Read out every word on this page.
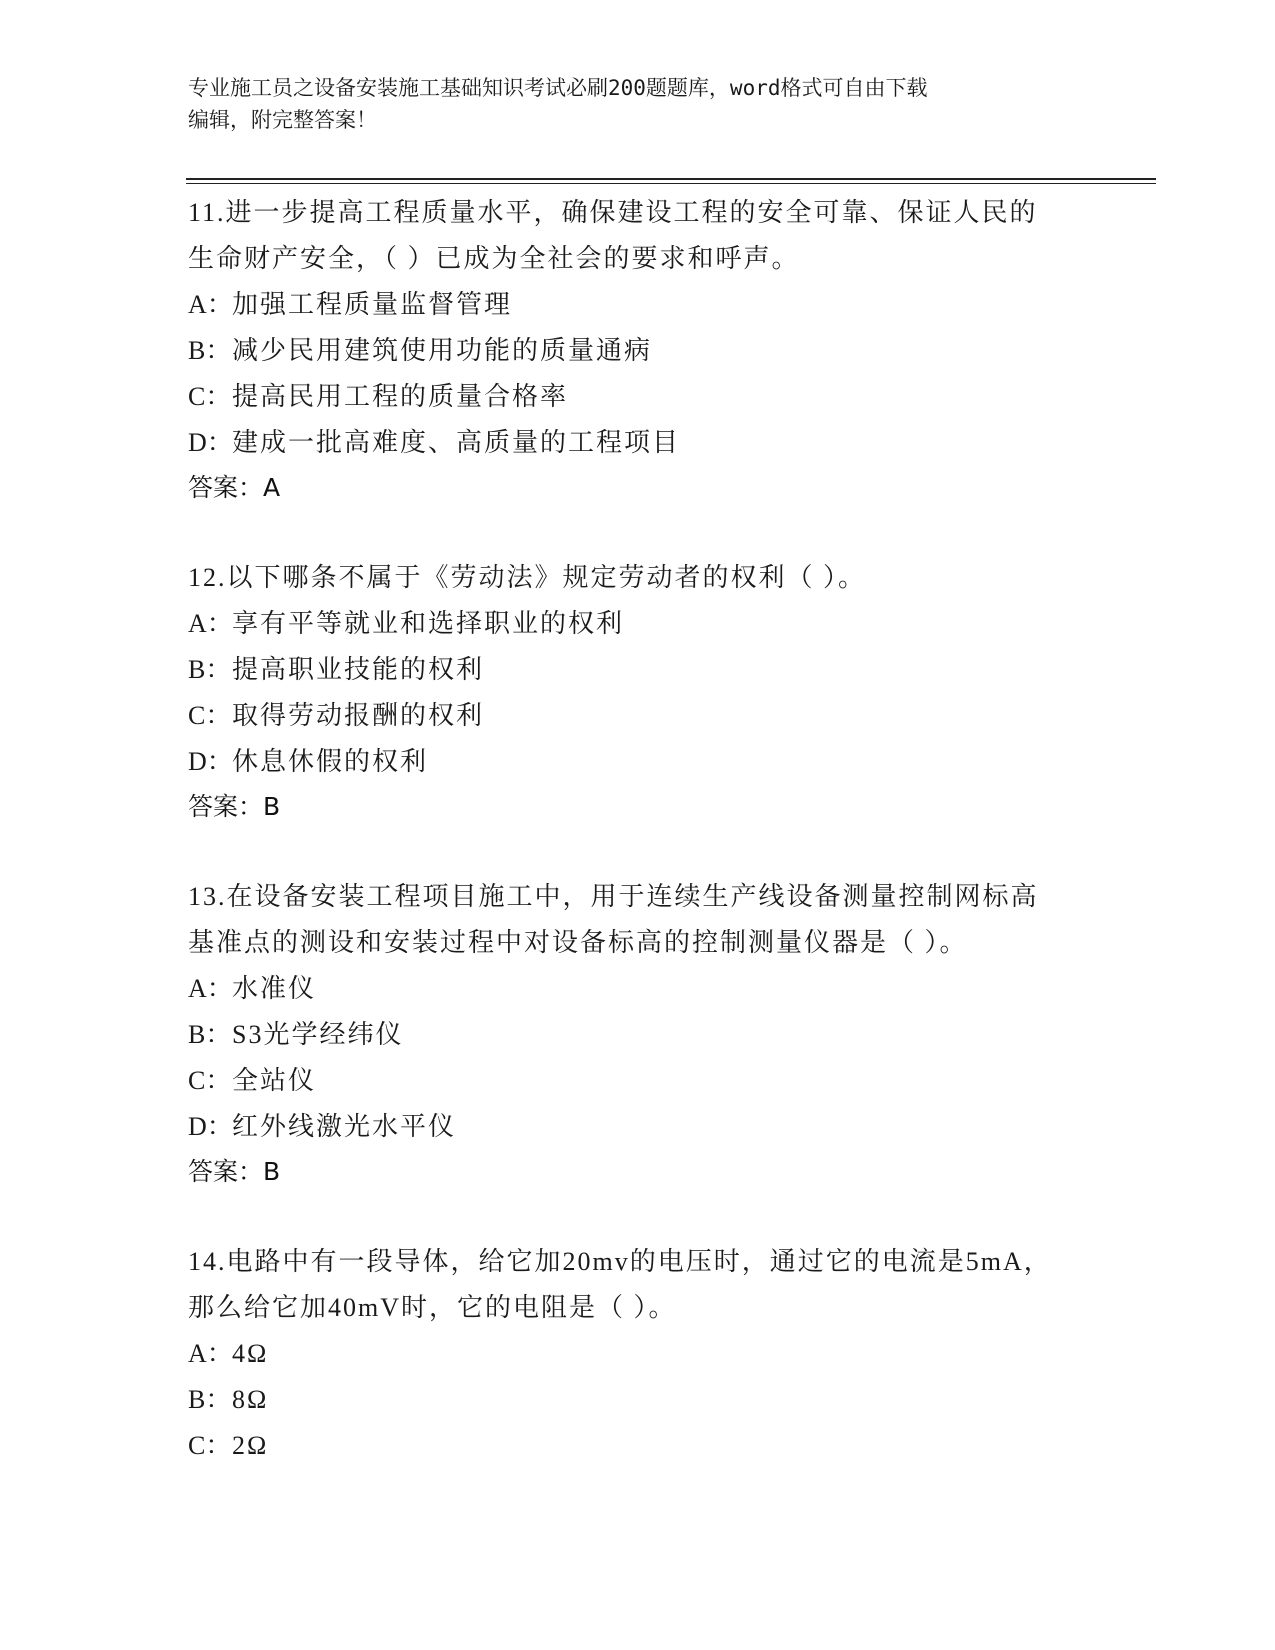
专业施工员之设备安装施工基础知识考试必刷200题题库，word格式可自由下载
编辑，附完整答案！
11.进一步提高工程质量水平，确保建设工程的安全可靠、保证人民的
生命财产安全，（ ）已成为全社会的要求和呼声。
A：加强工程质量监督管理
B：减少民用建筑使用功能的质量通病
C：提高民用工程的质量合格率
D：建成一批高难度、高质量的工程项目
答案：A
12.以下哪条不属于《劳动法》规定劳动者的权利（ ）。
A：享有平等就业和选择职业的权利
B：提高职业技能的权利
C：取得劳动报酬的权利
D：休息休假的权利
答案：B
13.在设备安装工程项目施工中，用于连续生产线设备测量控制网标高
基准点的测设和安装过程中对设备标高的控制测量仪器是（ ）。
A：水准仪
B：S3光学经纬仪
C：全站仪
D：红外线激光水平仪
答案：B
14.电路中有一段导体，给它加20mv的电压时，通过它的电流是5mA，
那么给它加40mV时，它的电阻是（ ）。
A：4Ω
B：8Ω
C：2Ω
